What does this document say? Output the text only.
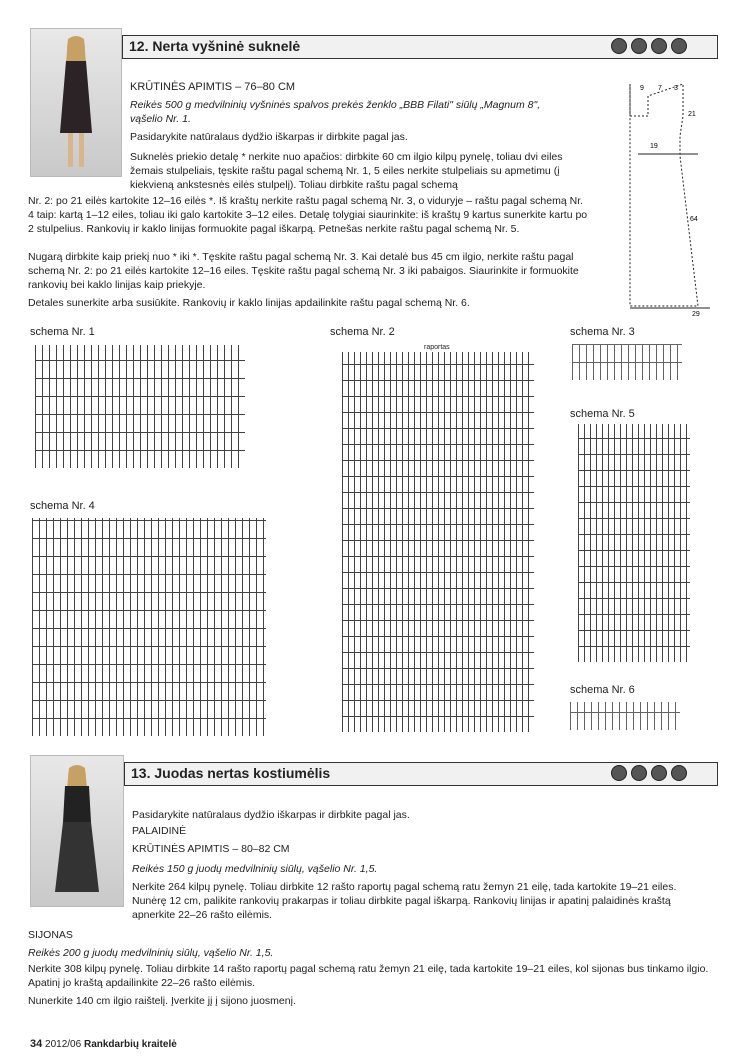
12. Nerta vyšninė suknelė
KRŪTINĖS APIMTIS – 76–80 CM
Reikės 500 g medvilninių vyšninės spalvos prekės ženklo „BBB Filati" siūlų „Magnum 8", vąšelio Nr. 1.
Pasidarykite natūralaus dydžio iškarpas ir dirbkite pagal jas.
Suknelės priekio detalę * nerkite nuo apačios: dirbkite 60 cm ilgio kilpų pynelę, toliau dvi eiles žemais stulpeliais, tęskite raštu pagal schemą Nr. 1, 5 eiles nerkite stulpeliais su apmetimu (į kiekvieną ankstesnės eilės stulpelį). Toliau dirbkite raštu pagal schemą
Nr. 2: po 21 eilės kartokite 12–16 eilės *. Iš kraštų nerkite raštu pagal schemą Nr. 3, o viduryje – raštu pagal schemą Nr. 4 taip: kartą 1–12 eiles, toliau iki galo kartokite 3–12 eiles. Detalę tolygiai siaurinkite: iš kraštų 9 kartus sunerkite kartu po 2 stulpelius. Rankovių ir kaklo linijas formuokite pagal iškarpą. Petnešas nerkite raštu pagal schemą Nr. 5.
Nugarą dirbkite kaip priekį nuo * iki *. Tęskite raštu pagal schemą Nr. 3. Kai detalė bus 45 cm ilgio, nerkite raštu pagal schemą Nr. 2: po 21 eilės kartokite 12–16 eiles. Tęskite raštu pagal schemą Nr. 3 iki pabaigos. Siaurinkite ir formuokite rankovių bei kaklo linijas kaip priekyje.
Detales sunerkite arba susiūkite. Rankovių ir kaklo linijas apdailinkite raštu pagal schemą Nr. 6.
9 7 3
21
19
64
29
schema Nr. 1	schema Nr. 2	schema Nr. 3
schema Nr. 4
schema Nr. 5
schema Nr. 6
raportas
13. Juodas nertas kostiumėlis
Pasidarykite natūralaus dydžio iškarpas ir dirbkite pagal jas.
PALAIDINĖ
KRŪTINĖS APIMTIS – 80–82 CM
Reikės 150 g juodų medvilninių siūlų, vąšelio Nr. 1,5.
Nerkite 264 kilpų pynelę. Toliau dirbkite 12 rašto raportų pagal schemą ratu žemyn 21 eilę, tada kartokite 19–21 eiles. Nunėrę 12 cm, palikite rankovių prakarpas ir toliau dirbkite pagal iškarpą. Rankovių linijas ir apatinį palaidinės kraštą apnerkite 22–26 rašto eilėmis.
SIJONAS
Reikės 200 g juodų medvilninių siūlų, vąšelio Nr. 1,5.
Nerkite 308 kilpų pynelę. Toliau dirbkite 14 rašto raportų pagal schemą ratu žemyn 21 eilę, tada kartokite 19–21 eiles, kol sijonas bus tinkamo ilgio. Apatinį jo kraštą apdailinkite 22–26 rašto eilėmis.
Nunerkite 140 cm ilgio raištelį. Įverkite jį į sijono juosmenį.
34 2012/06 Rankdarbių kraitelė
